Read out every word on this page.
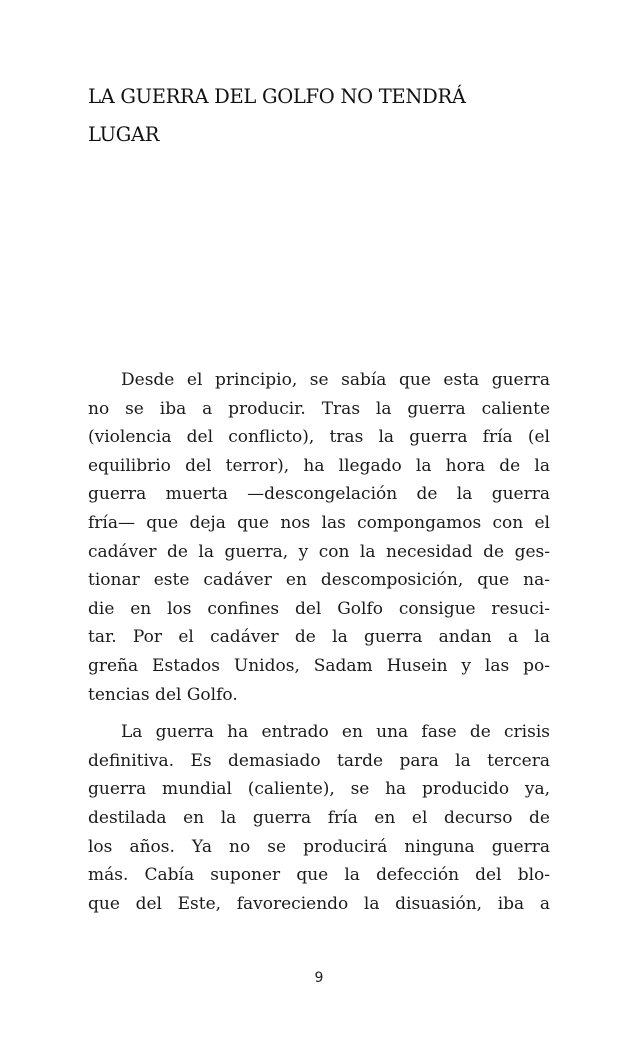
LA GUERRA DEL GOLFO NO TENDRÁ
LUGAR

Desde el principio, se sabía que esta guerra
no se iba a producir. Tras la guerra caliente
(violencia del conflicto), tras la guerra fría (el
equilibrio del terror), ha llegado la hora de la
guerra muerta —descongelación de la guerra
fría— que deja que nos las compongamos con el
cadáver de la guerra, y con la necesidad de ges-
tionar este cadáver en descomposición, que na-
die en los confines del Golfo consigue resuci-
tar. Por el cadáver de la guerra andan a la
greña Estados Unidos, Sadam Husein y las po-
tencias del Golfo.

La guerra ha entrado en una fase de crisis
definitiva. Es demasiado tarde para la tercera
guerra mundial (caliente), se ha producido ya,
destilada en la guerra fría en el decurso de
los años. Ya no se producirá ninguna guerra
más. Cabía suponer que la defección del blo-
que del Este, favoreciendo la disuasión, iba a

9
